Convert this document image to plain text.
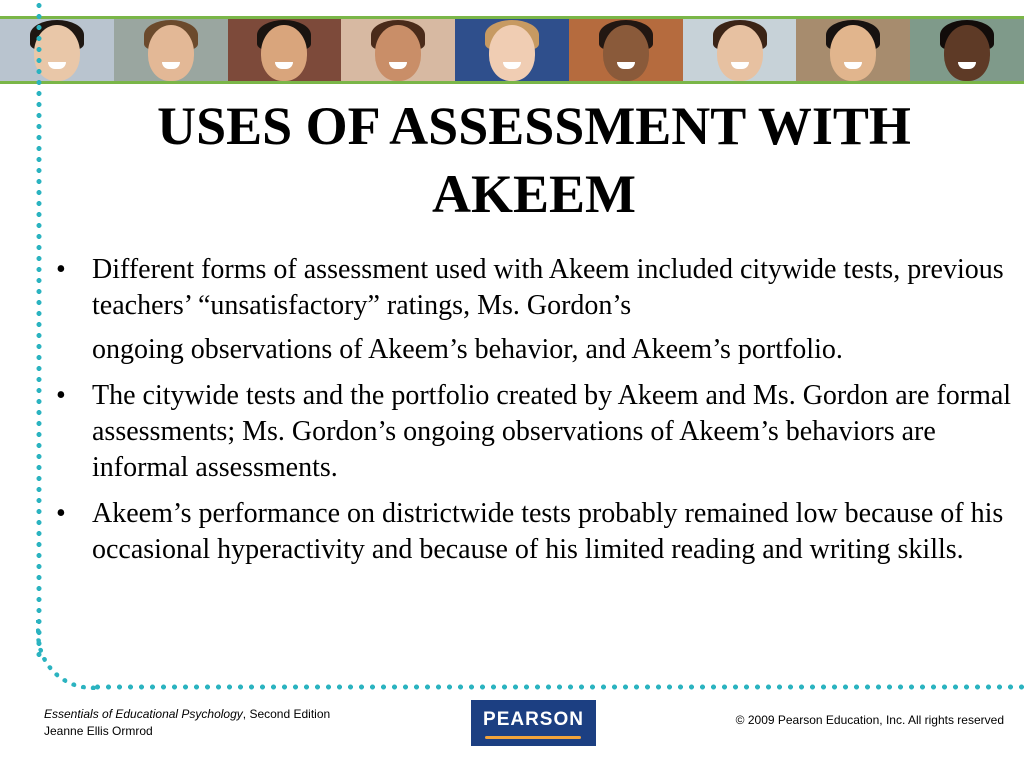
USES OF ASSESSMENT WITH AKEEM
• Different forms of assessment used with Akeem included citywide tests, previous teachers’ “unsatisfactory” ratings, Ms. Gordon’s
ongoing observations of Akeem’s behavior, and Akeem’s portfolio.
• The citywide tests and the portfolio created by Akeem and Ms. Gordon are formal assessments; Ms. Gordon’s ongoing observations of Akeem’s behaviors are informal assessments.
• Akeem’s performance on districtwide tests probably remained low because of his occasional hyperactivity and because of his limited reading and writing skills.
Essentials of Educational Psychology, Second Edition
Jeanne Ellis Ormrod
PEARSON	© 2009 Pearson Education, Inc. All rights reserved
